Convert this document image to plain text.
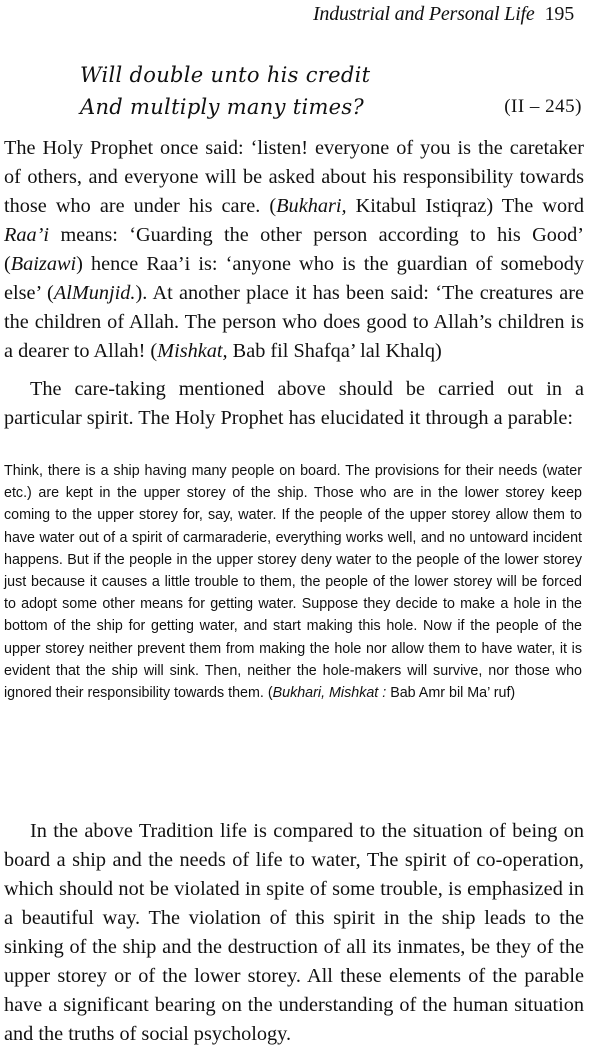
Industrial and Personal Life 195
Will double unto his credit
And multiply many times?	(II – 245)

The Holy Prophet once said: ‘listen! everyone of you is the caretaker of others, and everyone will be asked about his responsibility towards those who are under his care. (Bukhari, Kitabul Istiqraz) The word Raa’i means: ‘Guarding the other person according to his Good’ (Baizawi) hence Raa’i is: ‘anyone who is the guardian of somebody else’ (AlMunjid.). At another place it has been said: ‘The creatures are the children of Allah. The person who does good to Allah’s children is a dearer to Allah! (Mishkat, Bab fil Shafqa’ lal Khalq)

The care-taking mentioned above should be carried out in a particular spirit. The Holy Prophet has elucidated it through a parable:

Think, there is a ship having many people on board. The provisions for their needs (water etc.) are kept in the upper storey of the ship. Those who are in the lower storey keep coming to the upper storey for, say, water. If the people of the upper storey allow them to have water out of a spirit of carmaraderie, everything works well, and no untoward incident happens. But if the people in the upper storey deny water to the people of the lower storey just because it causes a little trouble to them, the people of the lower storey will be forced to adopt some other means for getting water. Suppose they decide to make a hole in the bottom of the ship for getting water, and start making this hole. Now if the people of the upper storey neither prevent them from making the hole nor allow them to have water, it is evident that the ship will sink. Then, neither the hole-makers will survive, nor those who ignored their responsibility towards them. (Bukhari, Mishkat : Bab Amr bil Ma’ ruf)

In the above Tradition life is compared to the situation of being on board a ship and the needs of life to water, The spirit of co-operation, which should not be violated in spite of some trouble, is emphasized in a beautiful way. The violation of this spirit in the ship leads to the sinking of the ship and the destruction of all its inmates, be they of the upper storey or of the lower storey. All these elements of the parable have a significant bearing on the understanding of the human situation and the truths of social psychology.
